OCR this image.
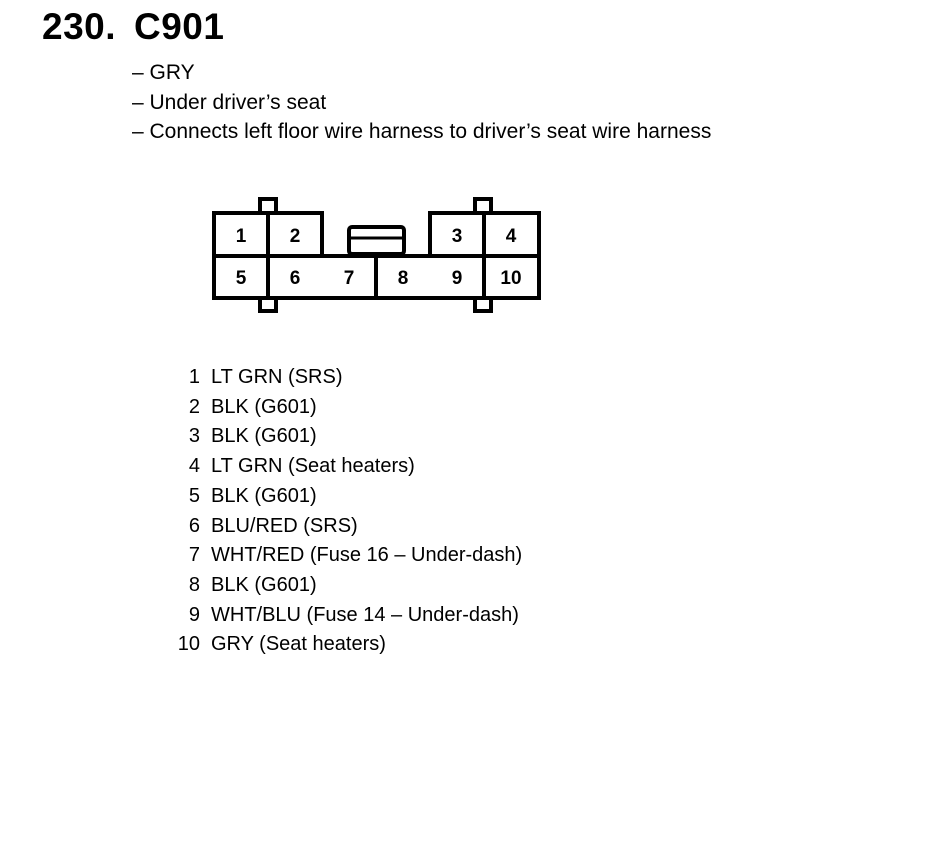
230. C901
– GRY
– Under driver’s seat
– Connects left floor wire harness to driver’s seat wire harness
1 2	3 4
5 6 7 8 9 10
1 LT GRN (SRS)
2 BLK (G601)
3 BLK (G601)
4 LT GRN (Seat heaters)
5 BLK (G601)
6 BLU/RED (SRS)
7 WHT/RED (Fuse 16 – Under-dash)
8 BLK (G601)
9 WHT/BLU (Fuse 14 – Under-dash)
10 GRY (Seat heaters)
